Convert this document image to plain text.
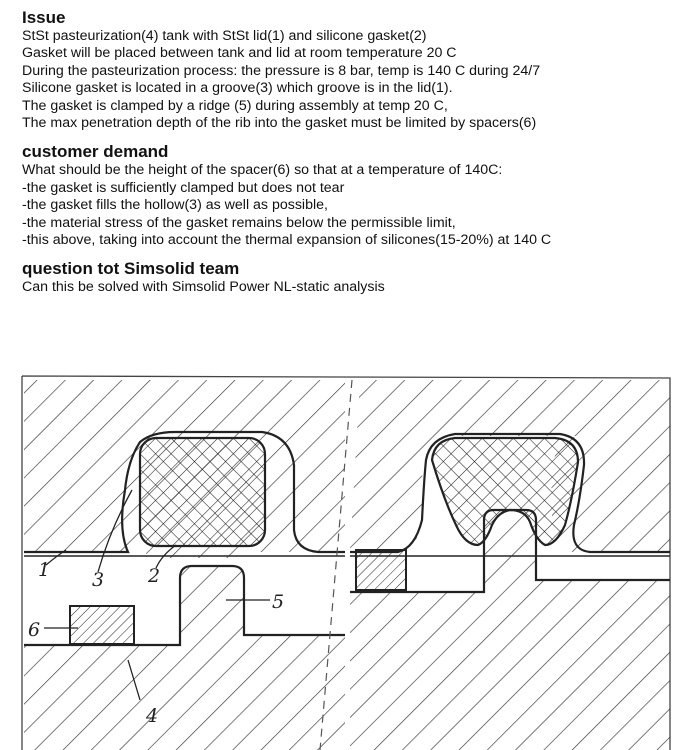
Issue

StSt pasteurization(4) tank with StSt lid(1) and silicone gasket(2)

Gasket will be placed between tank and lid at room temperature 20 C

During the pasteurization process: the pressure is 8 bar, temp is 140 C during 24/7

Silicone gasket is located in a groove(3) which groove is in the lid(1).

The gasket is clamped by a ridge (5) during assembly at temp 20 C,

The max penetration depth of the rib into the gasket must be limited by spacers(6)

customer demand

What should be the height of the spacer(6) so that at a temperature of 140C:

-the gasket is sufficiently clamped but does not tear

-the gasket fills the hollow(3) as well as possible,

-the material stress of the gasket remains below the permissible limit,

-this above, taking into account the thermal expansion of silicones(15-20%) at 140 C

question tot Simsolid team

Can this be solved with Simsolid Power NL-static analysis

1 3 2
5
6
4
